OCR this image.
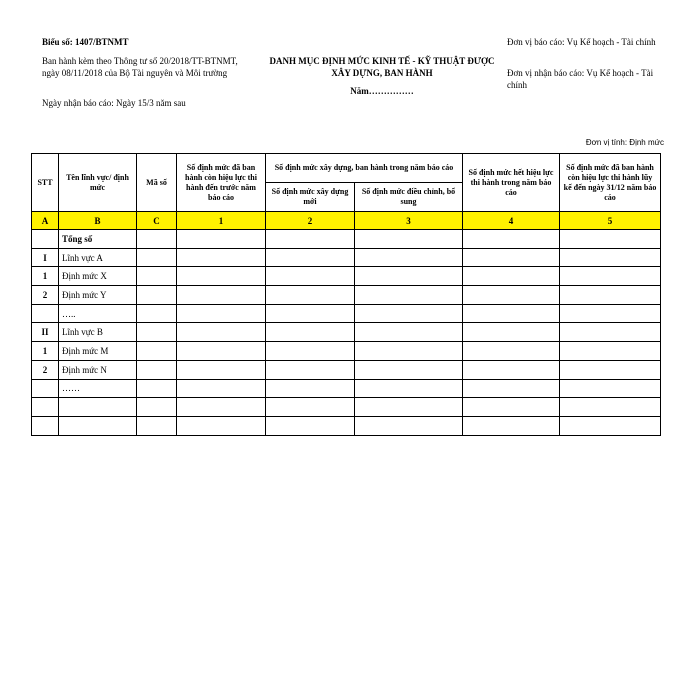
Biểu số: 1407/BTNMT
Ban hành kèm theo Thông tư số 20/2018/TT-BTNMT, ngày 08/11/2018 của Bộ Tài nguyên và Môi trường
Ngày nhận báo cáo: Ngày 15/3 năm sau
DANH MỤC ĐỊNH MỨC KINH TẾ - KỸ THUẬT ĐƯỢC XÂY DỰNG, BAN HÀNH
Năm……………
Đơn vị báo cáo: Vụ Kế hoạch - Tài chính
Đơn vị nhận báo cáo: Vụ Kế hoạch - Tài chính
Đơn vị tính: Định mức
STT	Tên lĩnh vực/ định mức	Mã số	Số định mức đã ban hành còn hiệu lực thi hành đến trước năm báo cáo	Số định mức xây dựng, ban hành trong năm báo cáo		Số định mức hết hiệu lực thi hành trong năm báo cáo	Số định mức đã ban hành còn hiệu lực thi hành lũy kế đến ngày 31/12 năm báo cáo
				Số định mức xây dựng mới	Số định mức điều chỉnh, bổ sung		
A	B	C	1	2	3	4	5
	Tổng số						
I	Lĩnh vực A						
1	Định mức X						
2	Định mức Y						
	…..						
II	Lĩnh vực B						
1	Định mức M						
2	Định mức N						
	……						
